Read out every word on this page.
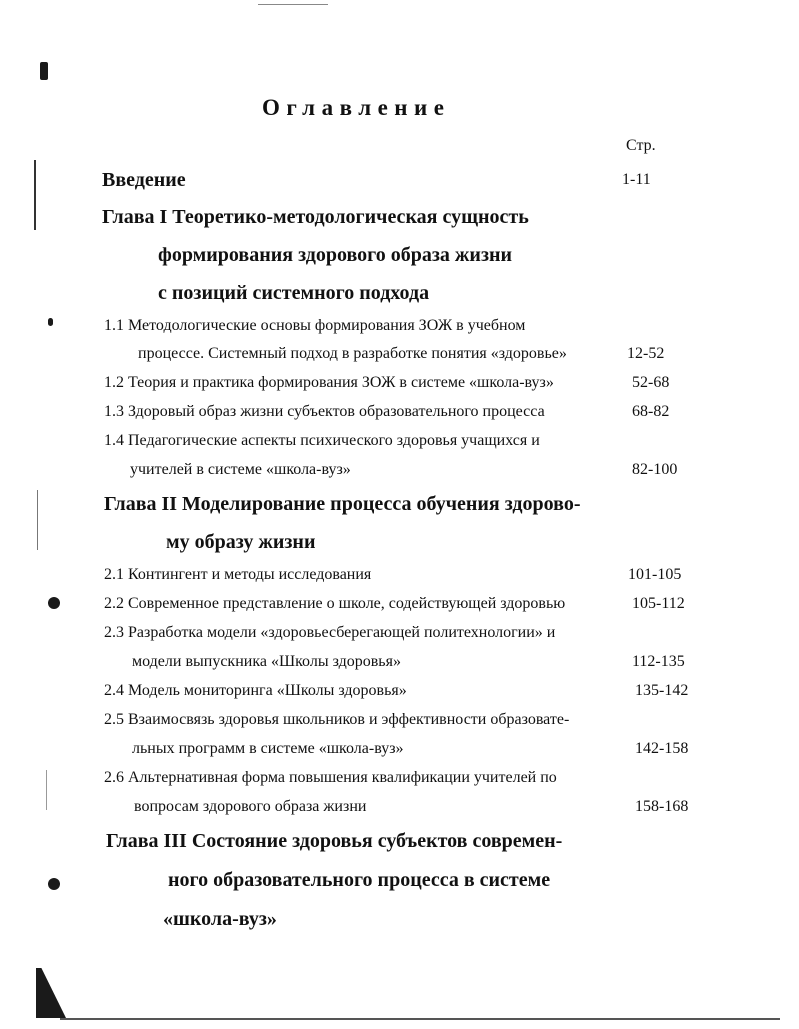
Оглавление
Стр.
Введение	1-11
Глава I Теоретико-методологическая сущность
формирования здорового образа жизни
с позиций системного подхода
1.1 Методологические основы формирования ЗОЖ в учебном
процессе. Системный подход в разработке понятия «здоровье»	12-52
1.2 Теория и практика формирования ЗОЖ в системе «школа-вуз»	52-68
1.3 Здоровый образ жизни субъектов образовательного процесса	68-82
1.4 Педагогические аспекты психического здоровья учащихся и
учителей в системе «школа-вуз»	82-100
Глава II Моделирование процесса обучения здорово-
му образу жизни
2.1 Контингент и методы исследования	101-105
2.2 Современное представление о школе, содействующей здоровью	105-112
2.3 Разработка модели «здоровьесберегающей политехнологии» и
модели выпускника «Школы здоровья»	112-135
2.4 Модель мониторинга «Школы здоровья»	135-142
2.5 Взаимосвязь здоровья школьников и эффективности образовате-
льных программ в системе «школа-вуз»	142-158
2.6 Альтернативная форма повышения квалификации учителей по
вопросам здорового образа жизни	158-168
Глава III Состояние здоровья субъектов современ-
ного образовательного процесса в системе
«школа-вуз»
